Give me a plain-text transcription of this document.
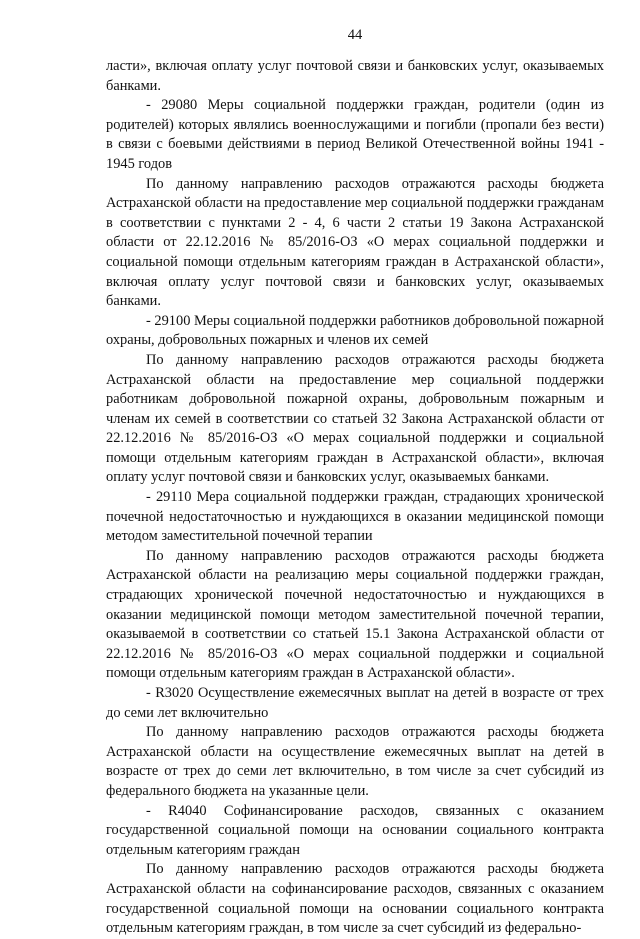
44

ласти», включая оплату услуг почтовой связи и банковских услуг, оказываемых банками.

- 29080 Меры социальной поддержки граждан, родители (один из родителей) которых являлись военнослужащими и погибли (пропали без вести) в связи с боевыми действиями в период Великой Отечественной войны 1941 - 1945 годов

По данному направлению расходов отражаются расходы бюджета Астраханской области на предоставление мер социальной поддержки гражданам в соответствии с пунктами 2 - 4, 6 части 2 статьи 19 Закона Астраханской области от 22.12.2016 № 85/2016-ОЗ «О мерах социальной поддержки и социальной помощи отдельным категориям граждан в Астраханской области», включая оплату услуг почтовой связи и банковских услуг, оказываемых банками.

- 29100 Меры социальной поддержки работников добровольной пожарной охраны, добровольных пожарных и членов их семей

По данному направлению расходов отражаются расходы бюджета Астраханской области на предоставление мер социальной поддержки работникам добровольной пожарной охраны, добровольным пожарным и членам их семей в соответствии со статьей 32 Закона Астраханской области от 22.12.2016 № 85/2016-ОЗ «О мерах социальной поддержки и социальной помощи отдельным категориям граждан в Астраханской области», включая оплату услуг почтовой связи и банковских услуг, оказываемых банками.

- 29110 Мера социальной поддержки граждан, страдающих хронической почечной недостаточностью и нуждающихся в оказании медицинской помощи методом заместительной почечной терапии

По данному направлению расходов отражаются расходы бюджета Астраханской области на реализацию меры социальной поддержки граждан, страдающих хронической почечной недостаточностью и нуждающихся в оказании медицинской помощи методом заместительной почечной терапии, оказываемой в соответствии со статьей 15.1 Закона Астраханской области от 22.12.2016 № 85/2016-ОЗ «О мерах социальной поддержки и социальной помощи отдельным категориям граждан в Астраханской области».

- R3020 Осуществление ежемесячных выплат на детей в возрасте от трех до семи лет включительно

По данному направлению расходов отражаются расходы бюджета Астраханской области на осуществление ежемесячных выплат на детей в возрасте от трех до семи лет включительно, в том числе за счет субсидий из федерального бюджета на указанные цели.

- R4040 Софинансирование расходов, связанных с оказанием государственной социальной помощи на основании социального контракта отдельным категориям граждан

По данному направлению расходов отражаются расходы бюджета Астраханской области на софинансирование расходов, связанных с оказанием государственной социальной помощи на основании социального контракта отдельным категориям граждан, в том числе за счет субсидий из федерально-
